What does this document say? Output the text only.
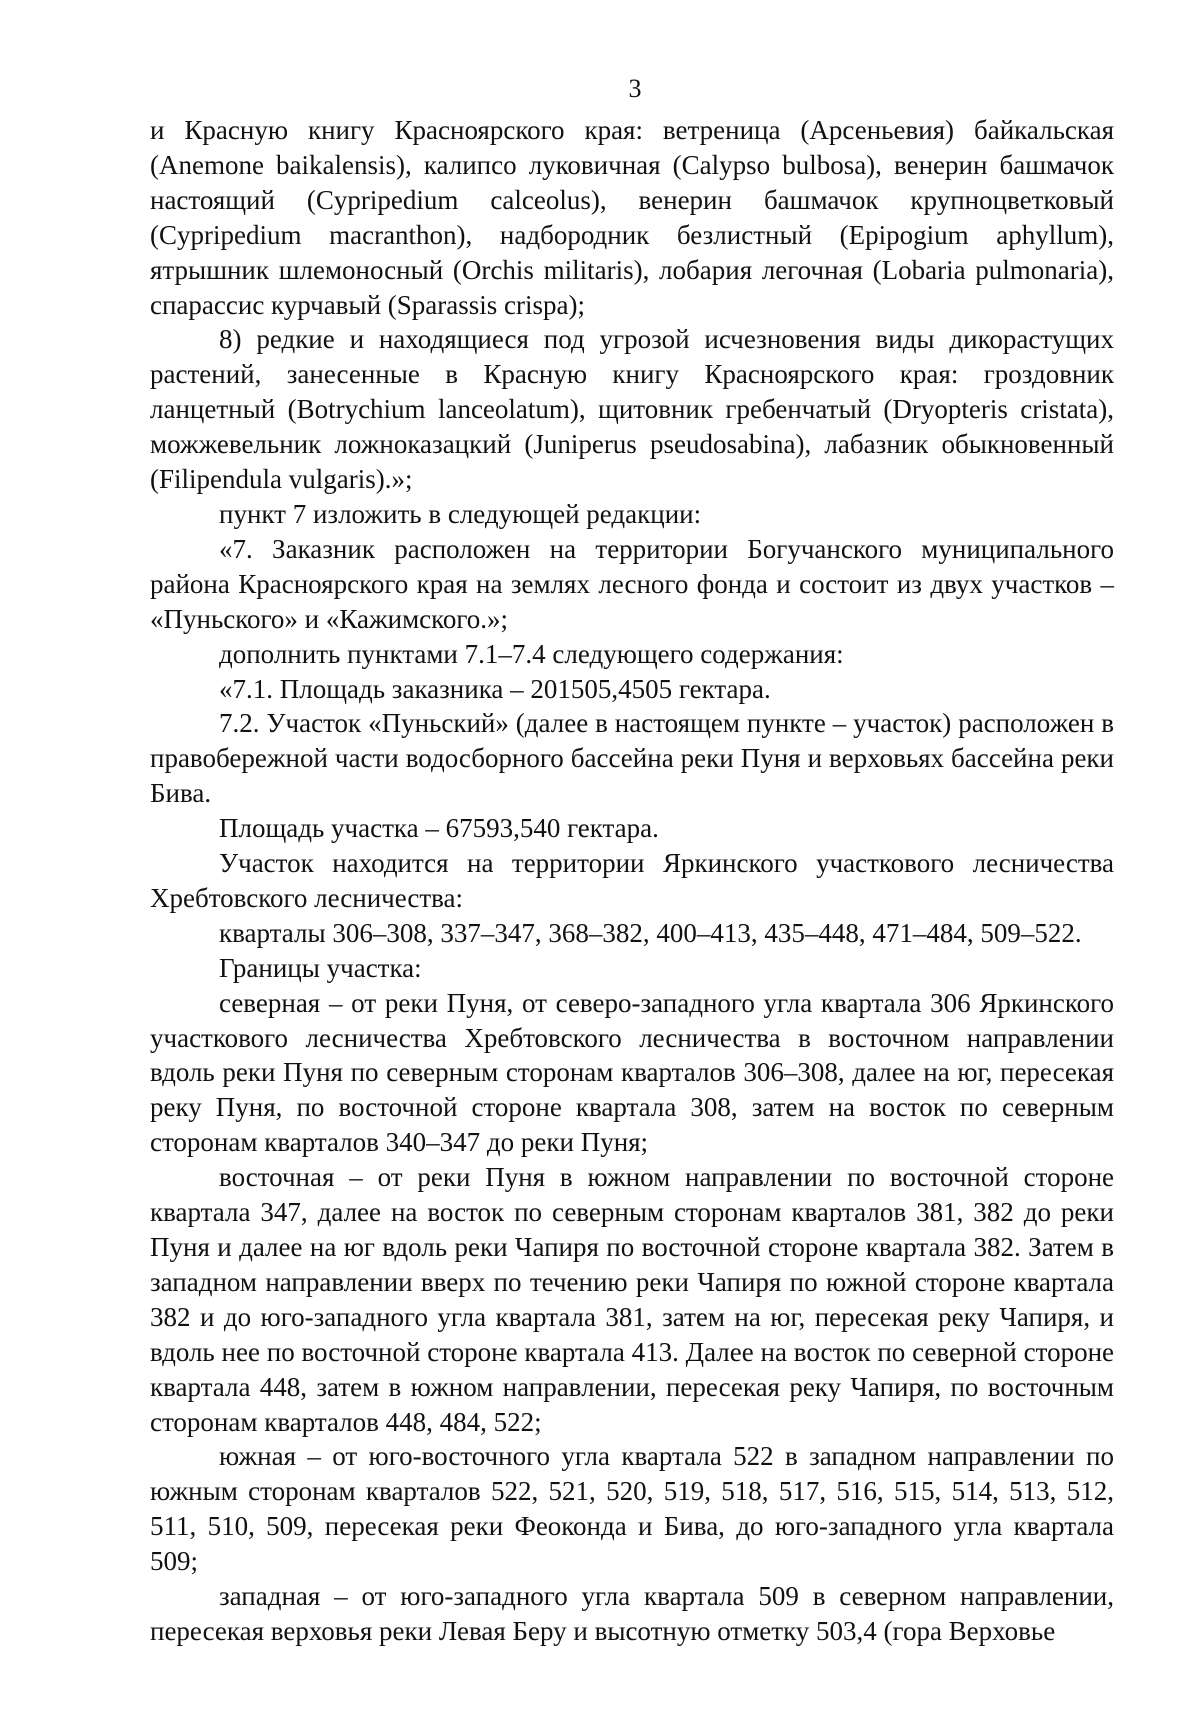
3

и Красную книгу Красноярского края: ветреница (Арсеньевия) байкальская (Anemone baikalensis), калипсо луковичная (Calypso bulbosa), венерин башмачок настоящий (Cypripedium calceolus), венерин башмачок крупноцветковый (Cypripedium macranthon), надбородник безлистный (Epipogium aphyllum), ятрышник шлемоносный (Orchis militaris), лобария легочная (Lobaria pulmonaria), спарассис курчавый (Sparassis crispa);

8) редкие и находящиеся под угрозой исчезновения виды дикорастущих растений, занесенные в Красную книгу Красноярского края: гроздовник ланцетный (Botrychium lanceolatum), щитовник гребенчатый (Dryopteris cristata), можжевельник ложноказацкий (Juniperus pseudosabina), лабазник обыкновенный (Filipendula vulgaris).»;

пункт 7 изложить в следующей редакции:

«7. Заказник расположен на территории Богучанского муниципального района Красноярского края на землях лесного фонда и состоит из двух участков – «Пуньского» и «Кажимского.»;

дополнить пунктами 7.1–7.4 следующего содержания:

«7.1. Площадь заказника – 201505,4505 гектара.

7.2. Участок «Пуньский» (далее в настоящем пункте – участок) расположен в правобережной части водосборного бассейна реки Пуня и верховьях бассейна реки Бива.

Площадь участка – 67593,540 гектара.

Участок находится на территории Яркинского участкового лесничества Хребтовского лесничества:

кварталы 306–308, 337–347, 368–382, 400–413, 435–448, 471–484, 509–522.

Границы участка:

северная – от реки Пуня, от северо-западного угла квартала 306 Яркинского участкового лесничества Хребтовского лесничества в восточном направлении вдоль реки Пуня по северным сторонам кварталов 306–308, далее на юг, пересекая реку Пуня, по восточной стороне квартала 308, затем на восток по северным сторонам кварталов 340–347 до реки Пуня;

восточная – от реки Пуня в южном направлении по восточной стороне квартала 347, далее на восток по северным сторонам кварталов 381, 382 до реки Пуня и далее на юг вдоль реки Чапиря по восточной стороне квартала 382. Затем в западном направлении вверх по течению реки Чапиря по южной стороне квартала 382 и до юго-западного угла квартала 381, затем на юг, пересекая реку Чапиря, и вдоль нее по восточной стороне квартала 413. Далее на восток по северной стороне квартала 448, затем в южном направлении, пересекая реку Чапиря, по восточным сторонам кварталов 448, 484, 522;

южная – от юго-восточного угла квартала 522 в западном направлении по южным сторонам кварталов 522, 521, 520, 519, 518, 517, 516, 515, 514, 513, 512, 511, 510, 509, пересекая реки Феоконда и Бива, до юго-западного угла квартала 509;

западная – от юго-западного угла квартала 509 в северном направлении, пересекая верховья реки Левая Беру и высотную отметку 503,4 (гора Верховье
